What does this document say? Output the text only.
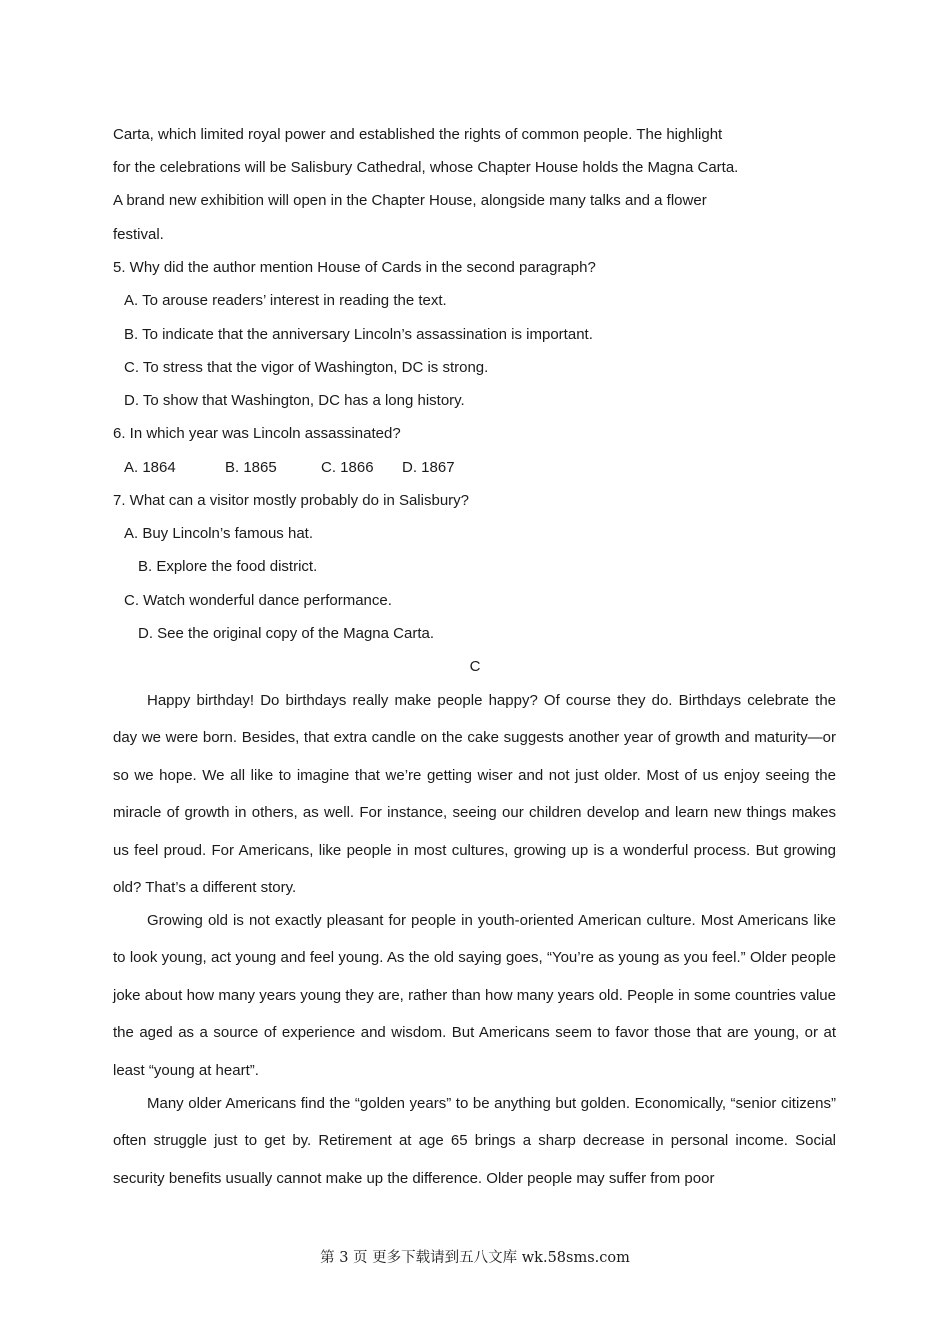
Carta, which limited royal power and established the rights of common people. The highlight
for the celebrations will be Salisbury Cathedral, whose Chapter House holds the Magna Carta.
A brand new exhibition will open in the Chapter House, alongside many talks and a flower
festival.
5. Why did the author mention House of Cards in the second paragraph?
A. To arouse readers’ interest in reading the text.
B. To indicate that the anniversary Lincoln’s assassination is important.
C. To stress that the vigor of Washington, DC is strong.
D. To show that Washington, DC has a long history.
6. In which year was Lincoln assassinated?
A. 1864	B. 1865	C. 1866 D. 1867
7. What can a visitor mostly probably do in Salisbury?
A. Buy Lincoln’s famous hat.
B. Explore the food district.
C. Watch wonderful dance performance.
D. See the original copy of the Magna Carta.
C
Happy birthday! Do birthdays really make people happy? Of course they do. Birthdays celebrate the day we were born. Besides, that extra candle on the cake suggests another year of growth and maturity—or so we hope. We all like to imagine that we’re getting wiser and not just older. Most of us enjoy seeing the miracle of growth in others, as well. For instance, seeing our children develop and learn new things makes us feel proud. For Americans, like people in most cultures, growing up is a wonderful process. But growing old? That’s a different story.
Growing old is not exactly pleasant for people in youth-oriented American culture. Most Americans like to look young, act young and feel young. As the old saying goes, “You’re as young as you feel.” Older people joke about how many years young they are, rather than how many years old. People in some countries value the aged as a source of experience and wisdom. But Americans seem to favor those that are young, or at least “young at heart”.
Many older Americans find the “golden years” to be anything but golden. Economically, “senior citizens” often struggle just to get by. Retirement at age 65 brings a sharp decrease in personal income. Social security benefits usually cannot make up the difference. Older people may suffer from poor
第 3 页 更多下载请到五八文库 wk.58sms.com
